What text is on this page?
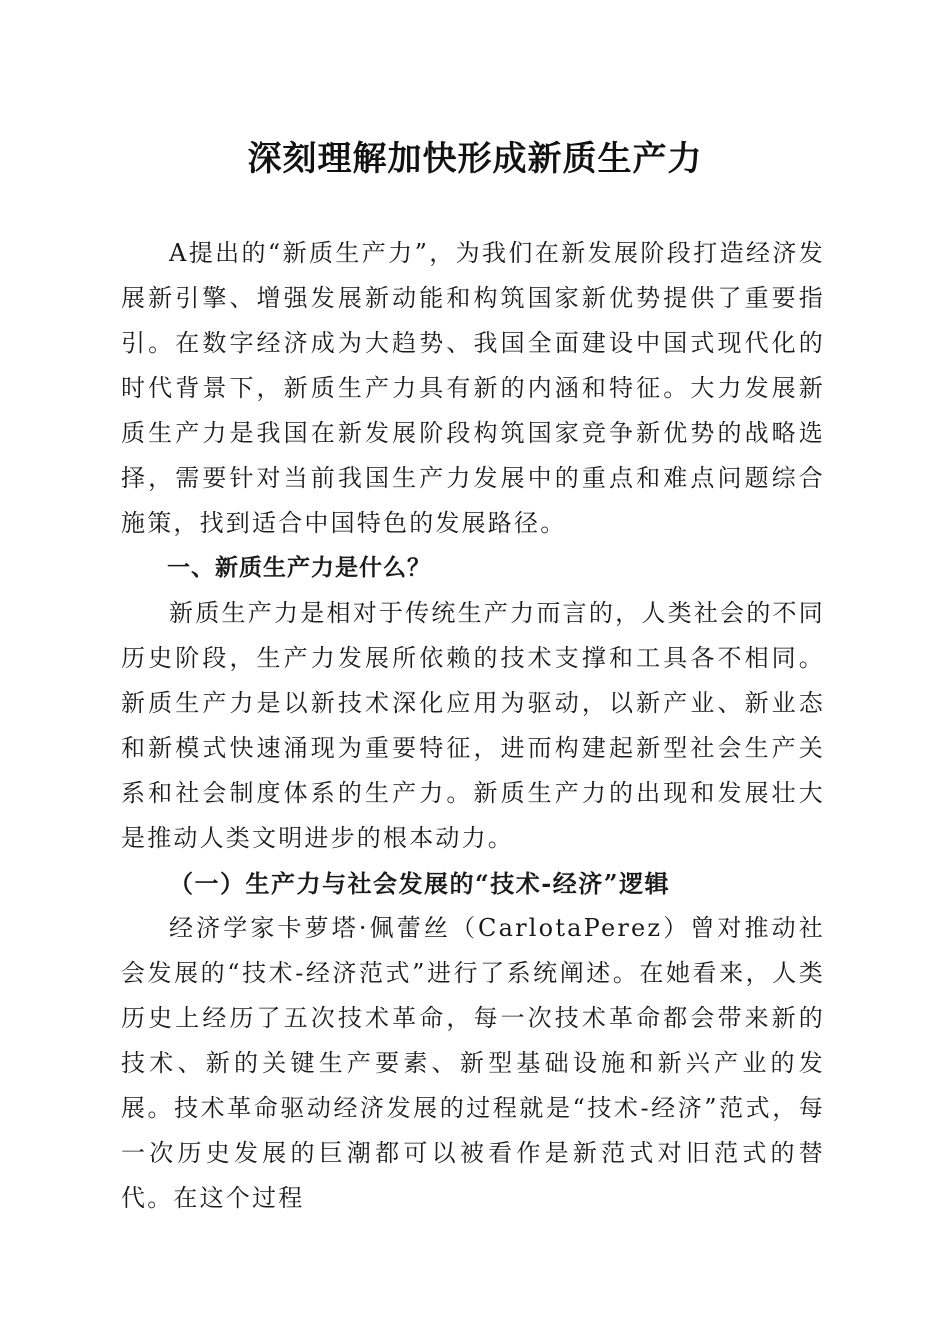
深刻理解加快形成新质生产力

A提出的“新质生产力”，为我们在新发展阶段打造经济发展新引擎、增强发展新动能和构筑国家新优势提供了重要指引。在数字经济成为大趋势、我国全面建设中国式现代化的时代背景下，新质生产力具有新的内涵和特征。大力发展新质生产力是我国在新发展阶段构筑国家竞争新优势的战略选择，需要针对当前我国生产力发展中的重点和难点问题综合施策，找到适合中国特色的发展路径。

一、新质生产力是什么？

新质生产力是相对于传统生产力而言的，人类社会的不同历史阶段，生产力发展所依赖的技术支撑和工具各不相同。新质生产力是以新技术深化应用为驱动，以新产业、新业态和新模式快速涌现为重要特征，进而构建起新型社会生产关系和社会制度体系的生产力。新质生产力的出现和发展壮大是推动人类文明进步的根本动力。

（一）生产力与社会发展的“技术-经济”逻辑

经济学家卡萝塔·佩蕾丝（CarlotaPerez）曾对推动社会发展的“技术-经济范式”进行了系统阐述。在她看来，人类历史上经历了五次技术革命，每一次技术革命都会带来新的技术、新的关键生产要素、新型基础设施和新兴产业的发展。技术革命驱动经济发展的过程就是“技术-经济”范式，每一次历史发展的巨潮都可以被看作是新范式对旧范式的替代。在这个过程
